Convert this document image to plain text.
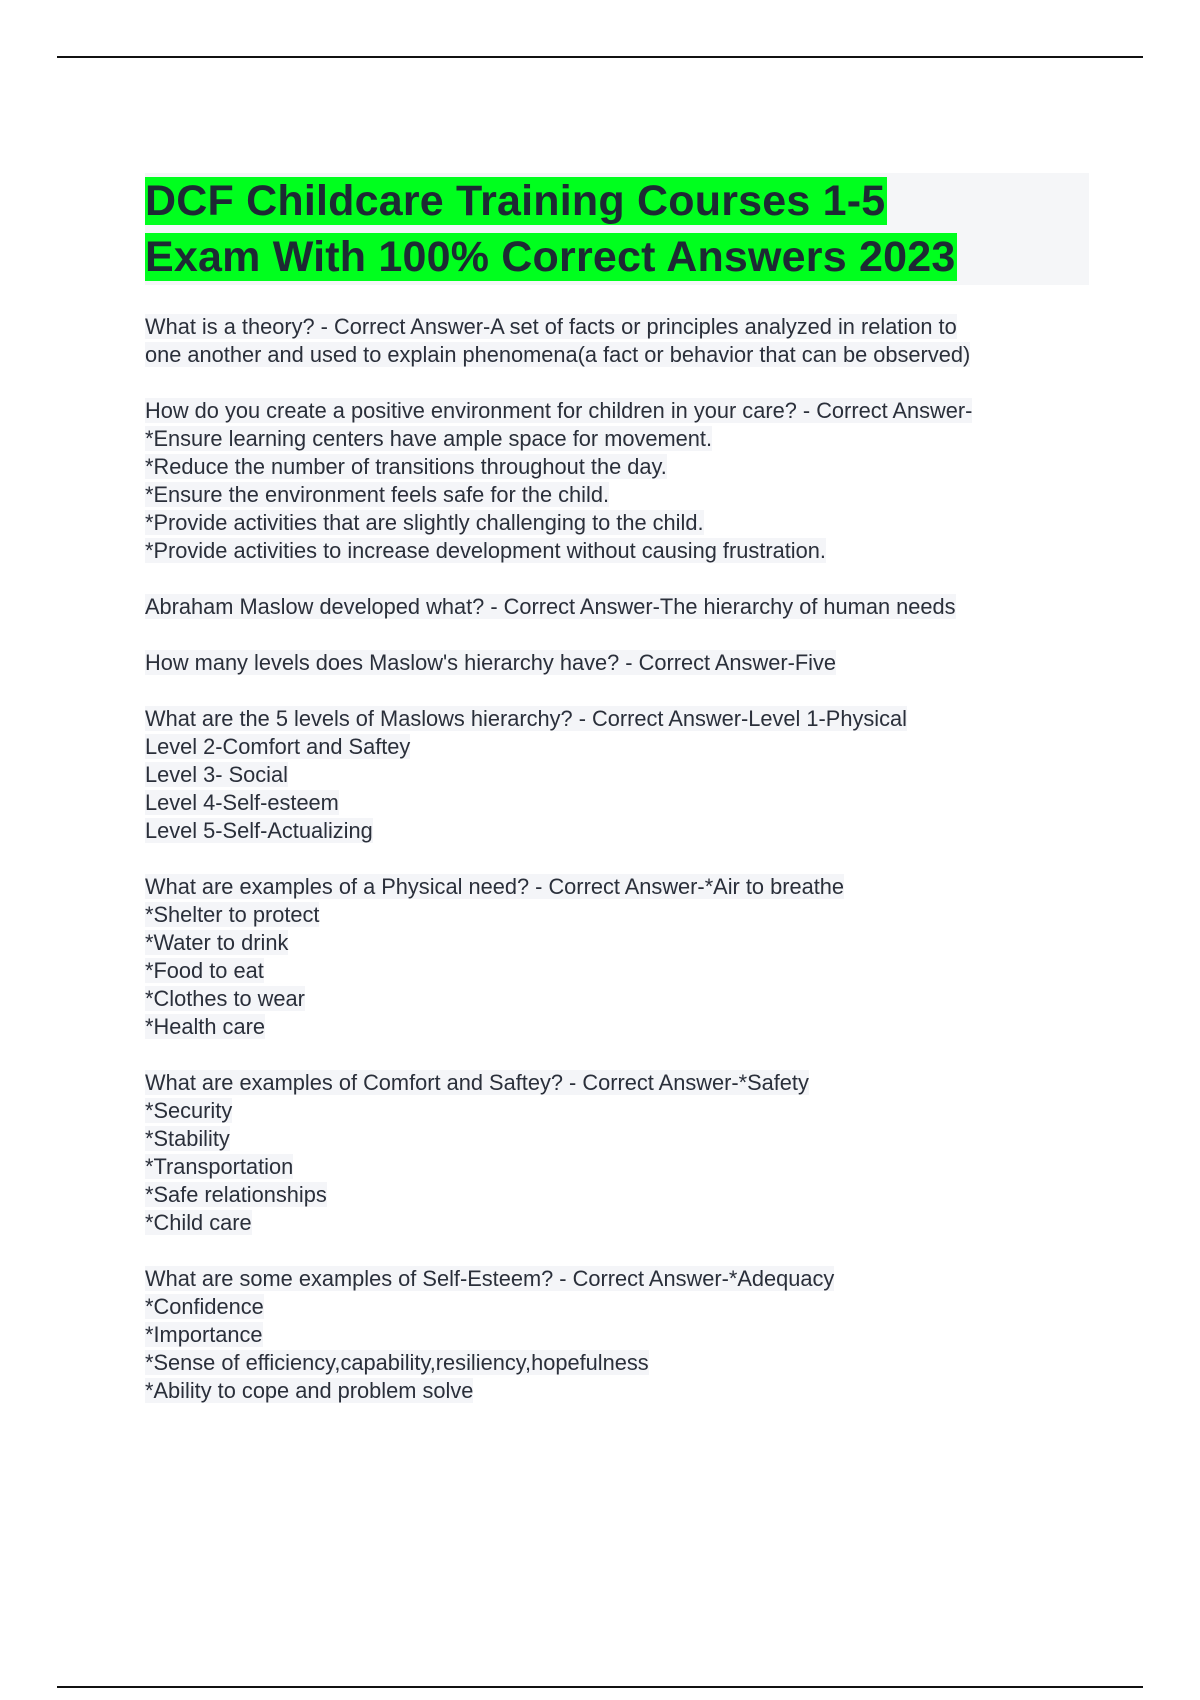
DCF Childcare Training Courses 1-5
Exam With 100% Correct Answers 2023
What is a theory? - Correct Answer-A set of facts or principles analyzed in relation to
one another and used to explain phenomena(a fact or behavior that can be observed)
How do you create a positive environment for children in your care? - Correct Answer-
*Ensure learning centers have ample space for movement.
*Reduce the number of transitions throughout the day.
*Ensure the environment feels safe for the child.
*Provide activities that are slightly challenging to the child.
*Provide activities to increase development without causing frustration.
Abraham Maslow developed what? - Correct Answer-The hierarchy of human needs
How many levels does Maslow's hierarchy have? - Correct Answer-Five
What are the 5 levels of Maslows hierarchy? - Correct Answer-Level 1-Physical
Level 2-Comfort and Saftey
Level 3- Social
Level 4-Self-esteem
Level 5-Self-Actualizing
What are examples of a Physical need? - Correct Answer-*Air to breathe
*Shelter to protect
*Water to drink
*Food to eat
*Clothes to wear
*Health care
What are examples of Comfort and Saftey? - Correct Answer-*Safety
*Security
*Stability
*Transportation
*Safe relationships
*Child care
What are some examples of Self-Esteem? - Correct Answer-*Adequacy
*Confidence
*Importance
*Sense of efficiency,capability,resiliency,hopefulness
*Ability to cope and problem solve
